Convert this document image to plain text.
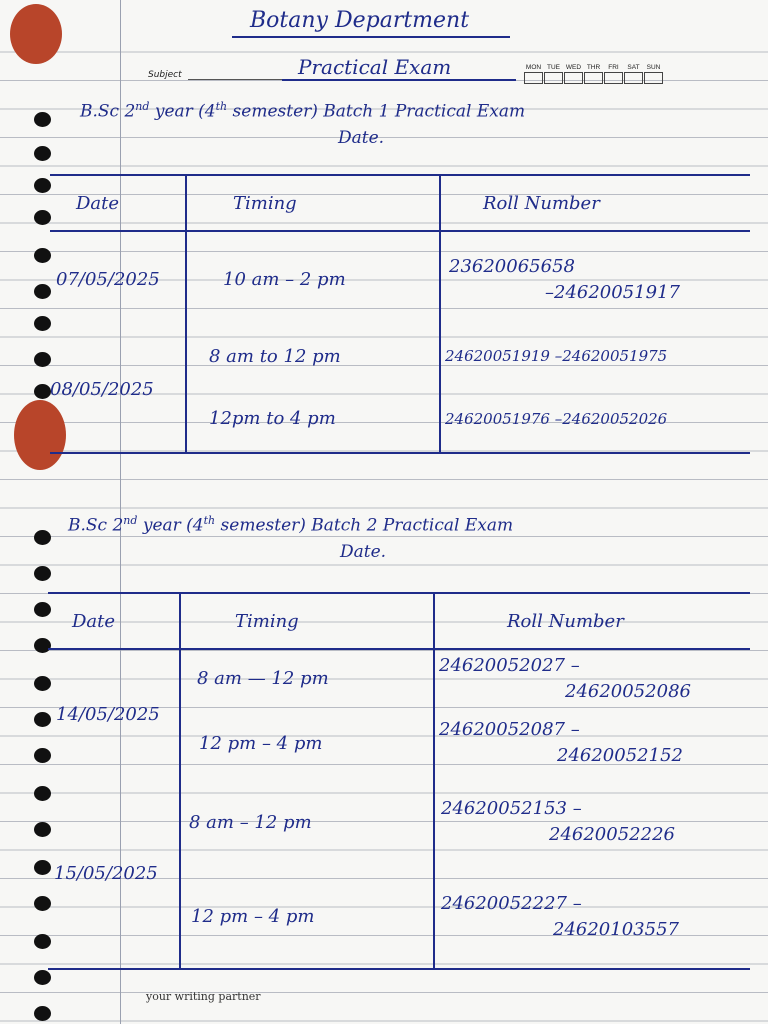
Botany Department
Subject	Practical Exam	MON TUE WED THR FRI SAT SUN
B.Sc 2nd year (4th semester) Batch 1 Practical Exam
Date.
Date	Timing	Roll Number
07/05/2025	10 am – 2 pm	23620065658
–24620051917

08/05/2025	8 am to 12 pm	24620051919 –24620051975
	12pm to 4 pm	24620051976 –24620052026
B.Sc 2nd year (4th semester) Batch 2 Practical Exam
Date.
Date	Timing	Roll Number
14/05/2025	8 am — 12 pm	24620052027 –
24620052086

	12 pm – 4 pm	24620052087 –
24620052152

15/05/2025	8 am – 12 pm	24620052153 –
24620052226

	12 pm – 4 pm	24620052227 –
24620103557
your writing partner
